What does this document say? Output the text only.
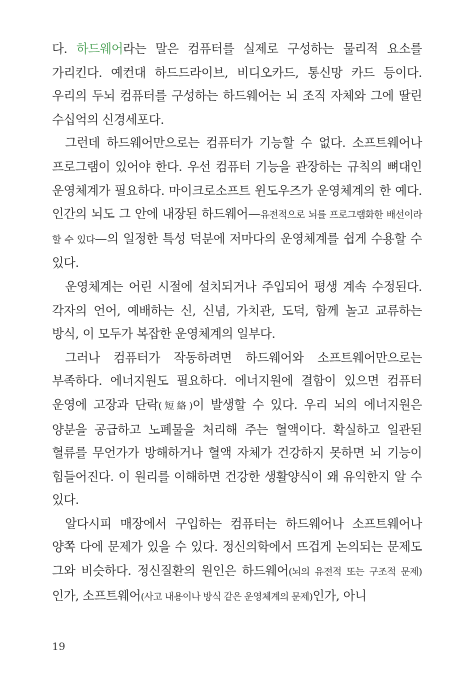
다. 하드웨어라는 말은 컴퓨터를 실제로 구성하는 물리적 요소를 가리킨다. 예컨대 하드드라이브, 비디오카드, 통신망 카드 등이다. 우리의 두뇌 컴퓨터를 구성하는 하드웨어는 뇌 조직 자체와 그에 딸린 수십억의 신경세포다.

그런데 하드웨어만으로는 컴퓨터가 기능할 수 없다. 소프트웨어나 프로그램이 있어야 한다. 우선 컴퓨터 기능을 관장하는 규칙의 뼈대인 운영체계가 필요하다. 마이크로소프트 윈도우즈가 운영체계의 한 예다. 인간의 뇌도 그 안에 내장된 하드웨어—유전적으로 뇌를 프로그램화한 배선이라 할 수 있다—의 일정한 특성 덕분에 저마다의 운영체계를 쉽게 수용할 수 있다.

운영체계는 어린 시절에 설치되거나 주입되어 평생 계속 수정된다. 각자의 언어, 예배하는 신, 신념, 가치관, 도덕, 함께 놀고 교류하는 방식, 이 모두가 복잡한 운영체계의 일부다.

그러나 컴퓨터가 작동하려면 하드웨어와 소프트웨어만으로는 부족하다. 에너지원도 필요하다. 에너지원에 결함이 있으면 컴퓨터 운영에 고장과 단락(短絡)이 발생할 수 있다. 우리 뇌의 에너지원은 양분을 공급하고 노폐물을 처리해 주는 혈액이다. 확실하고 일관된 혈류를 무언가가 방해하거나 혈액 자체가 건강하지 못하면 뇌 기능이 힘들어진다. 이 원리를 이해하면 건강한 생활양식이 왜 유익한지 알 수 있다.

알다시피 매장에서 구입하는 컴퓨터는 하드웨어나 소프트웨어나 양쪽 다에 문제가 있을 수 있다. 정신의학에서 뜨겁게 논의되는 문제도 그와 비슷하다. 정신질환의 원인은 하드웨어(뇌의 유전적 또는 구조적 문제)인가, 소프트웨어(사고 내용이나 방식 같은 운영체계의 문제)인가, 아니

19
